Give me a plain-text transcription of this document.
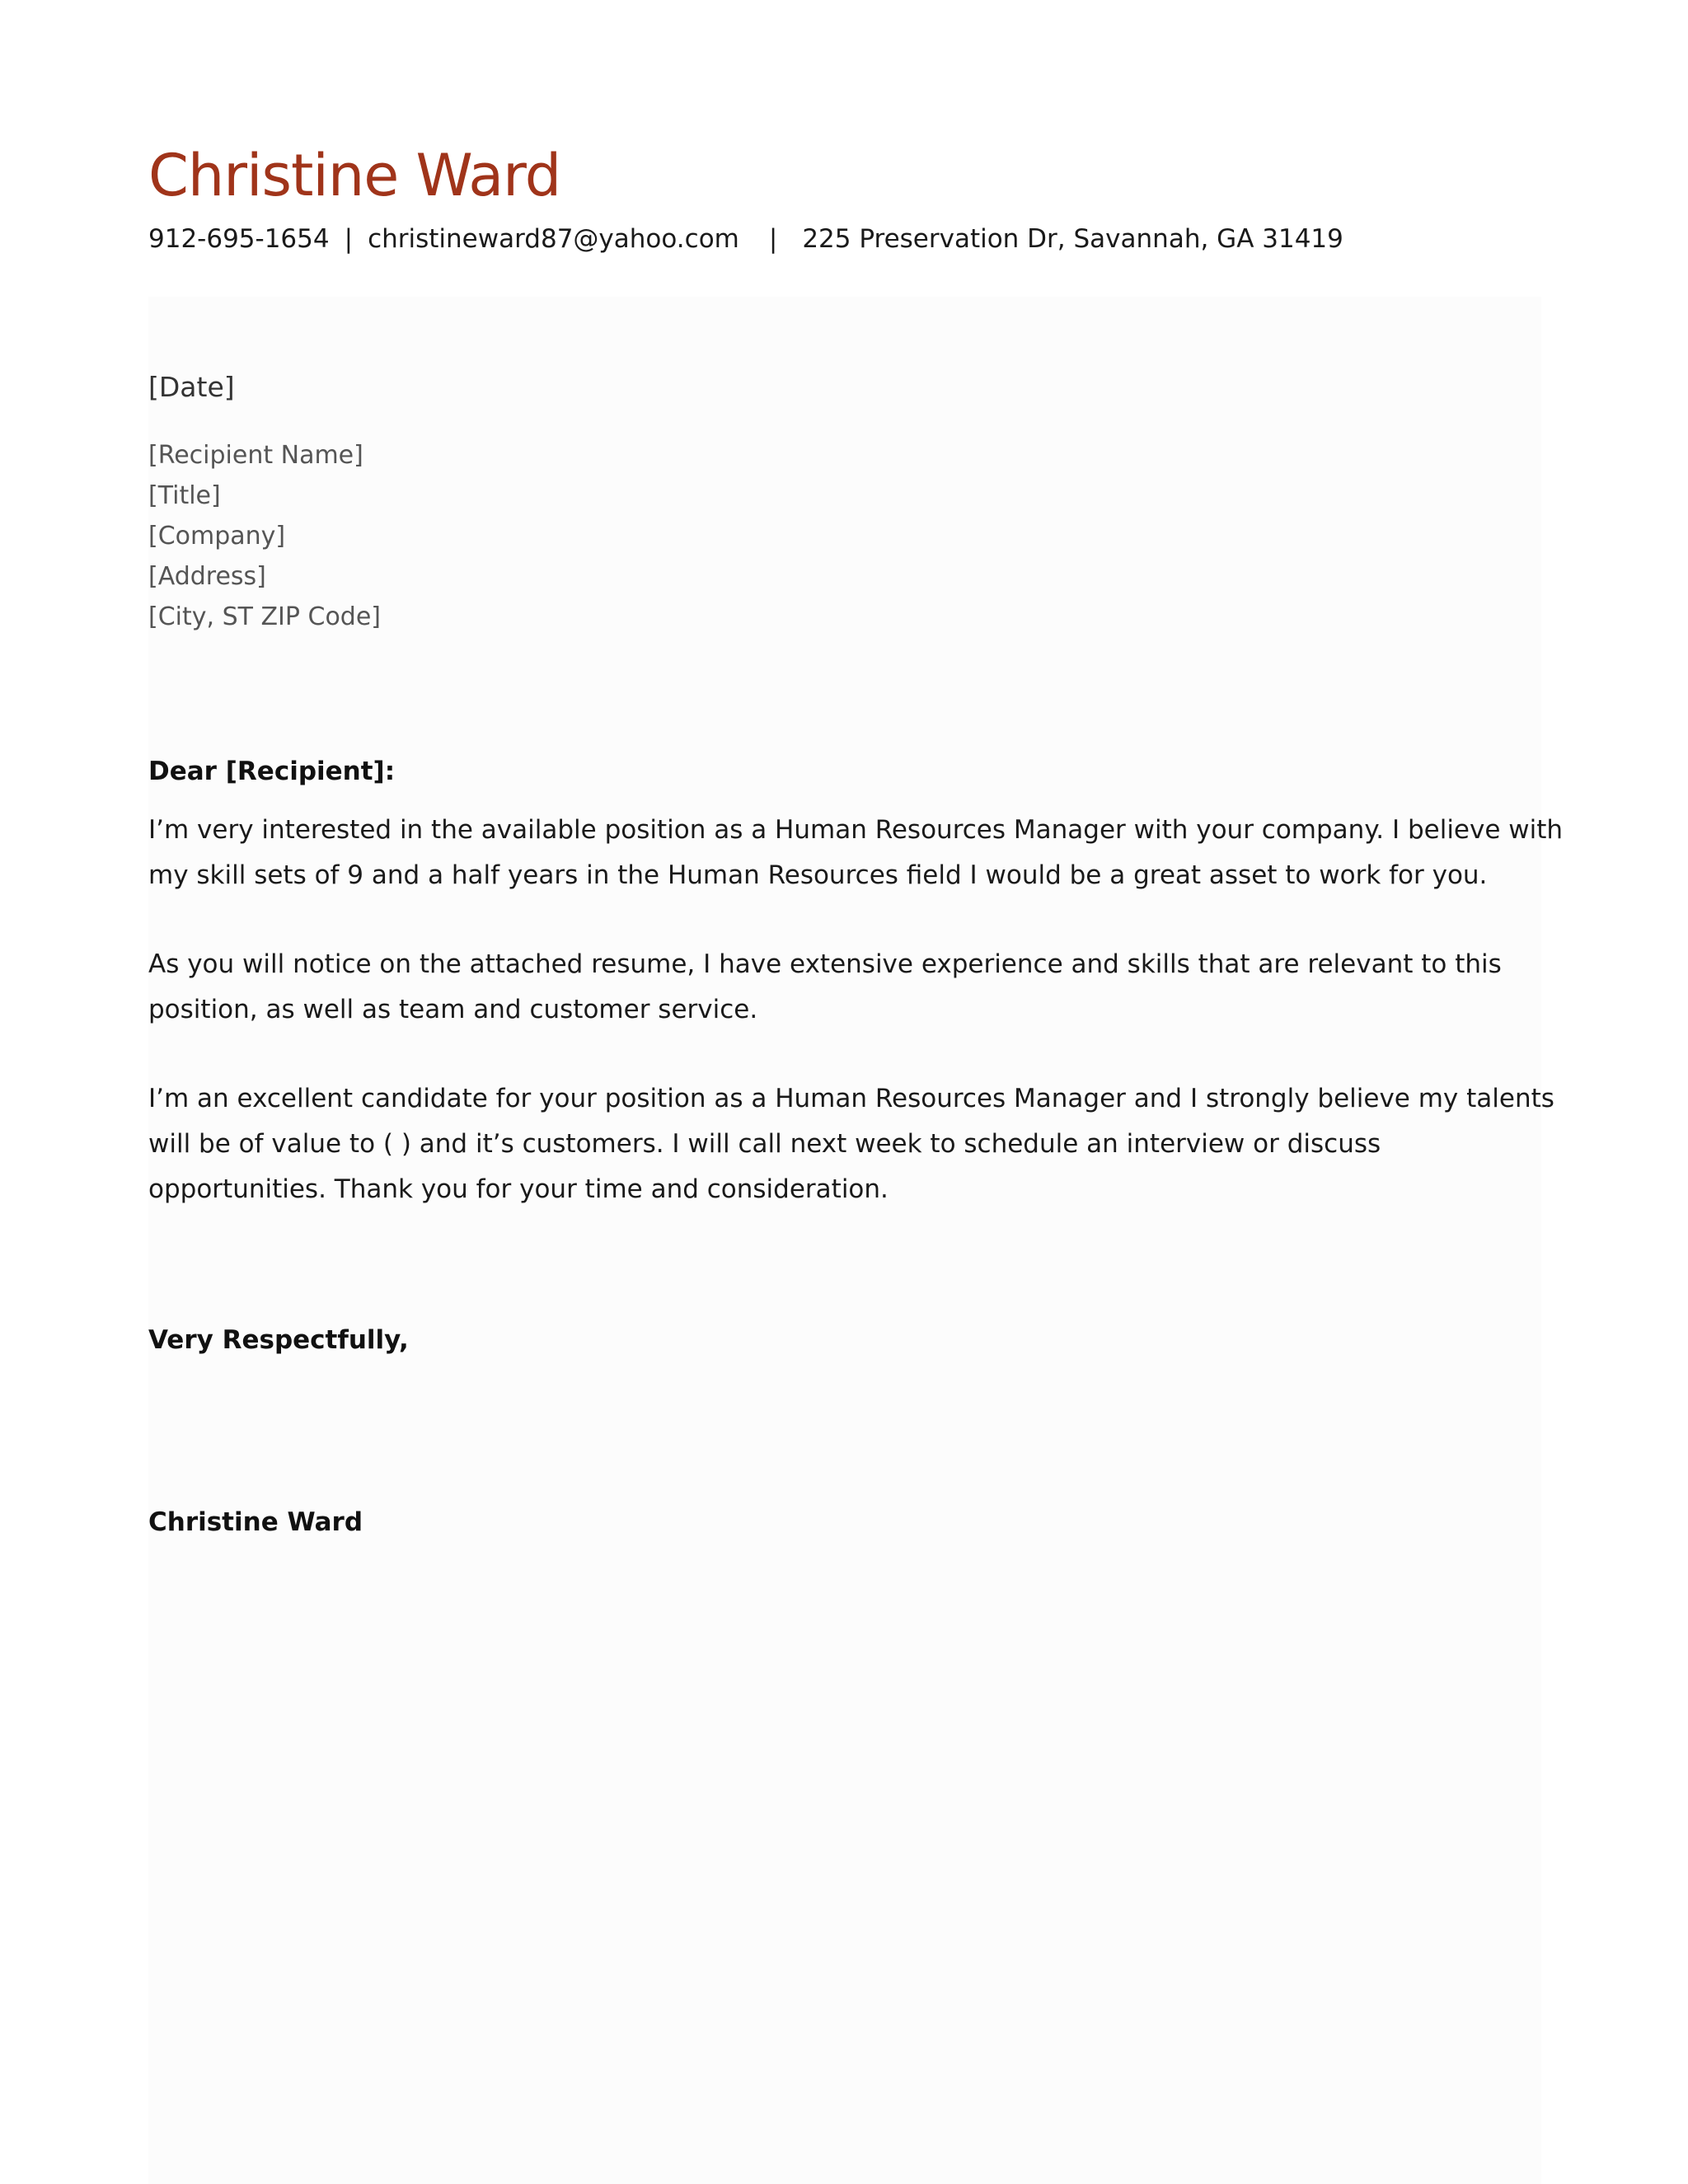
Christine Ward
912-695-1654 | christineward87@yahoo.com | 225 Preservation Dr, Savannah, GA 31419
[Date]
[Recipient Name]
[Title]
[Company]
[Address]
[City, ST ZIP Code]
Dear [Recipient]:
I’m very interested in the available position as a Human Resources Manager with your company. I believe with
my skill sets of 9 and a half years in the Human Resources field I would be a great asset to work for you.
As you will notice on the attached resume, I have extensive experience and skills that are relevant to this
position, as well as team and customer service.
I’m an excellent candidate for your position as a Human Resources Manager and I strongly believe my talents
will be of value to ( ) and it’s customers. I will call next week to schedule an interview or discuss
opportunities. Thank you for your time and consideration.
Very Respectfully,
Christine Ward
